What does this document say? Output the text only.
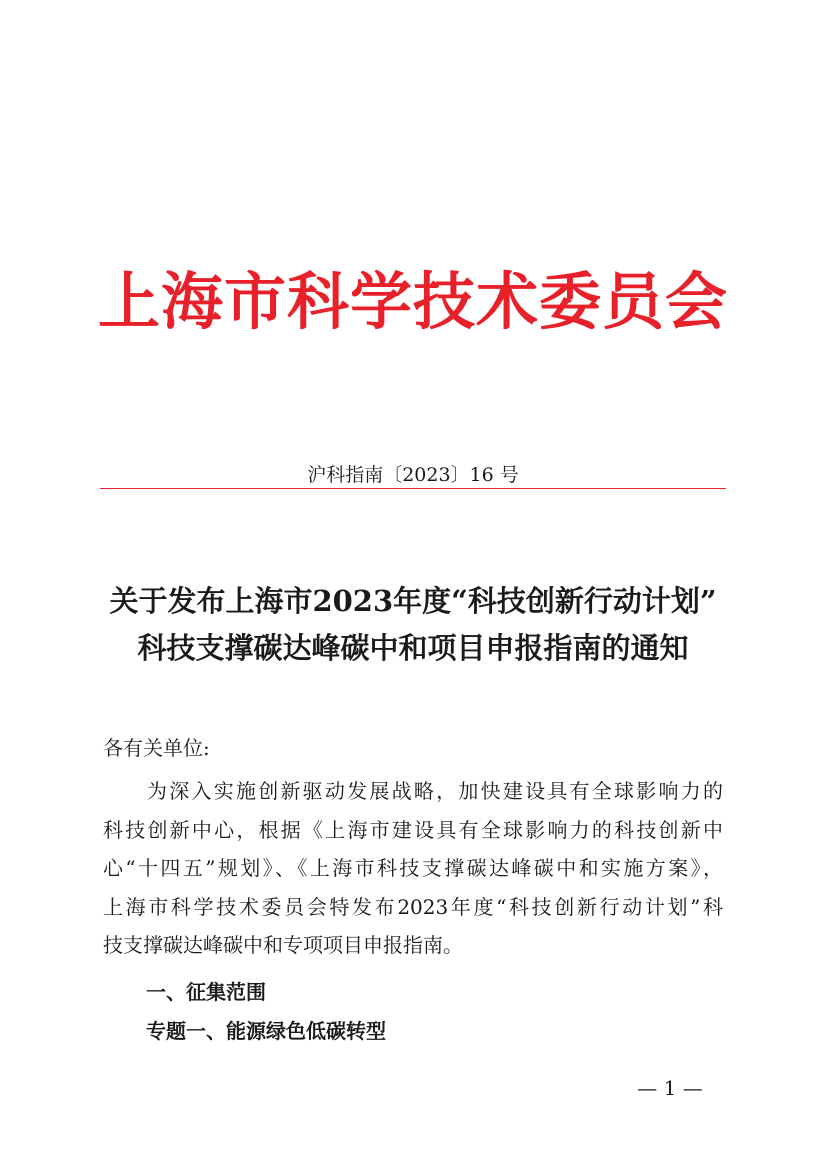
上海市科学技术委员会
沪科指南〔2023〕16 号
关于发布上海市2023年度“科技创新行动计划”
科技支撑碳达峰碳中和项目申报指南的通知
各有关单位:
为深入实施创新驱动发展战略，加快建设具有全球影响力的
科技创新中心，根据《上海市建设具有全球影响力的科技创新中
心“十四五”规划》、《上海市科技支撑碳达峰碳中和实施方案》，
上海市科学技术委员会特发布2023年度“科技创新行动计划”科
技支撑碳达峰碳中和专项项目申报指南。
一、征集范围
专题一、能源绿色低碳转型
— 1 —
